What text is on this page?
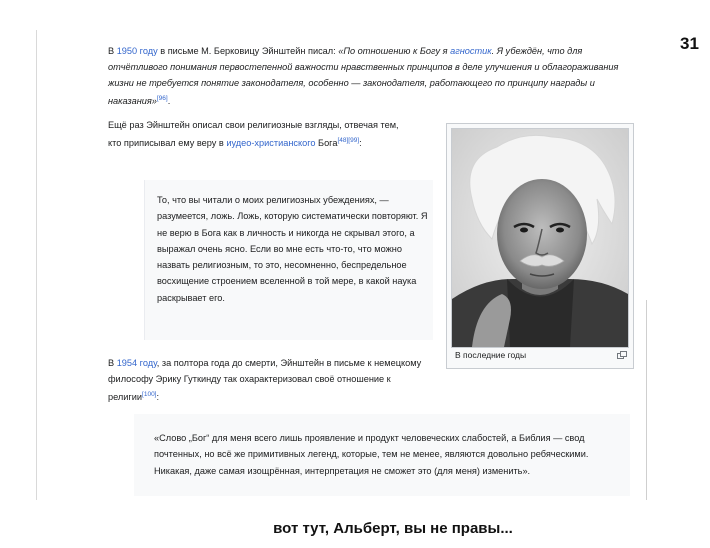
31

В 1950 году в письме М. Берковицу Эйнштейн писал: «По отношению к Богу я агностик. Я убеждён, что для отчётливого понимания первостепенной важности нравственных принципов в деле улучшения и облагораживания жизни не требуется понятие законодателя, особенно — законодателя, работающего по принципу награды и наказания»[96].

Ещё раз Эйнштейн описал свои религиозные взгляды, отвечая тем, кто приписывал ему веру в иудео-христианского Бога[48][99]:

То, что вы читали о моих религиозных убеждениях, — разумеется, ложь. Ложь, которую систематически повторяют. Я не верю в Бога как в личность и никогда не скрывал этого, а выражал очень ясно. Если во мне есть что-то, что можно назвать религиозным, то это, несомненно, беспредельное восхищение строением вселенной в той мере, в какой наука раскрывает его.

В последние годы

В 1954 году, за полтора года до смерти, Эйнштейн в письме к немецкому философу Эрику Гуткинду так охарактеризовал своё отношение к религии[100]:

«Слово „Бог“ для меня всего лишь проявление и продукт человеческих слабостей, а Библия — свод почтенных, но всё же примитивных легенд, которые, тем не менее, являются довольно ребяческими. Никакая, даже самая изощрённая, интерпретация не сможет это (для меня) изменить».

вот тут, Альберт, вы не правы...
